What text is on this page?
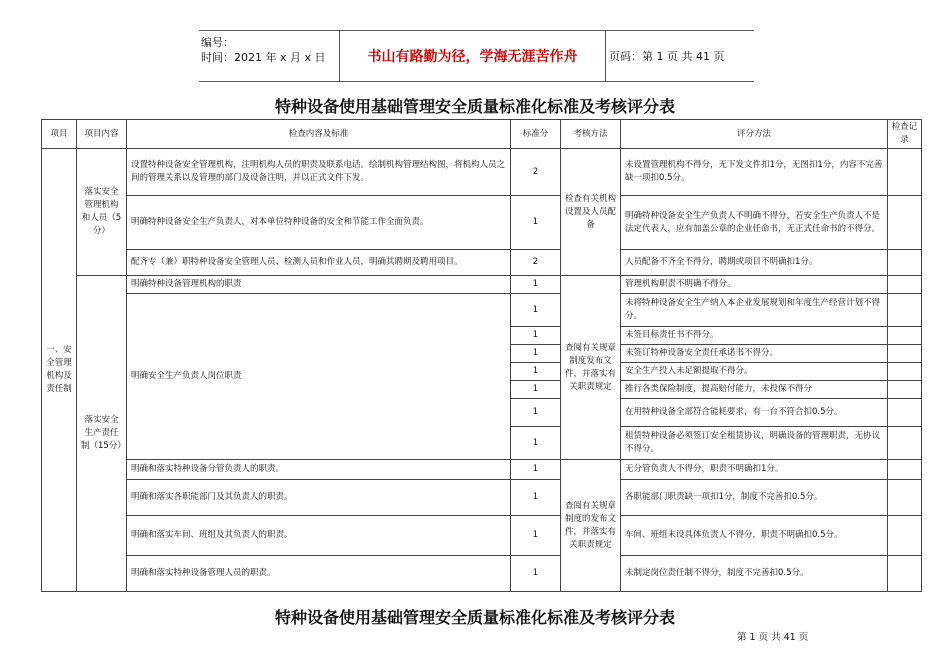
编号：
时间：2021 年 x 月 x 日	书山有路勤为径，学海无涯苦作舟	页码：第 1 页 共 41 页
特种设备使用基础管理安全质量标准化标准及考核评分表
项目	项目内容	检查内容及标准	标准分	考核方法	评分方法	检查记录	
一、安全管理机构及责任制	落实安全管理机构和人员（5分）	设置特种设备安全管理机构，注明机构人员的职责及联系电话。绘制机构管理结构图，将机构人员之间的管理关系以及管理的部门及设备注明，并以正式文件下发。	2	检查有关机构设置及人员配备	未设置管理机构不得分，无下发文件扣1分，无图扣1分，内容不完善缺一项扣0.5分。		
		明确特种设备安全生产负责人，对本单位特种设备的安全和节能工作全面负责。	1		明确特种设备安全生产负责人不明确不得分，若安全生产负责人不是法定代表人，应有加盖公章的企业任命书，无正式任命书的不得分。		
		配齐专（兼）职特种设备安全管理人员、检测人员和作业人员，明确其聘期及聘用项目。	2		人员配备不齐全不得分，聘期或项目不明确扣1分。		
	落实安全生产责任制（15分）	明确特种设备管理机构的职责	1	查阅有关规章制度发布文件，并落实有关职责规定	管理机构职责不明确不得分。		
		明确安全生产负责人岗位职责	1		未将特种设备安全生产纳入本企业发展规划和年度生产经营计划不得分。		
			1		未签目标责任书不得分。		
			1		未签订特种设备安全责任承诺书不得分。		
			1		安全生产投入未足额提取不得分。		
			1		推行各类保险制度，提高赔付能力，未投保不得分		
			1		在用特种设备全部符合能耗要求，有一台不符合扣0.5分。		
			1		租赁特种设备必须签订安全租赁协议，明确设备的管理职责，无协议不得分。		
		明确和落实特种设备分管负责人的职责。	1	查阅有关规章制度的发布文件，并落实有关职责规定	无分管负责人不得分，职责不明确扣1分。		
		明确和落实各职能部门及其负责人的职责。	1		各职能部门职责缺一项扣1分，制度不完善扣0.5分。		
		明确和落实车间、班组及其负责人的职责。	1		车间、班组未设具体负责人不得分，职责不明确扣0.5分。		
		明确和落实特种设备管理人员的职责。	1		未制定岗位责任制不得分，制度不完善扣0.5分。		
特种设备使用基础管理安全质量标准化标准及考核评分表
第 1 页 共 41 页
